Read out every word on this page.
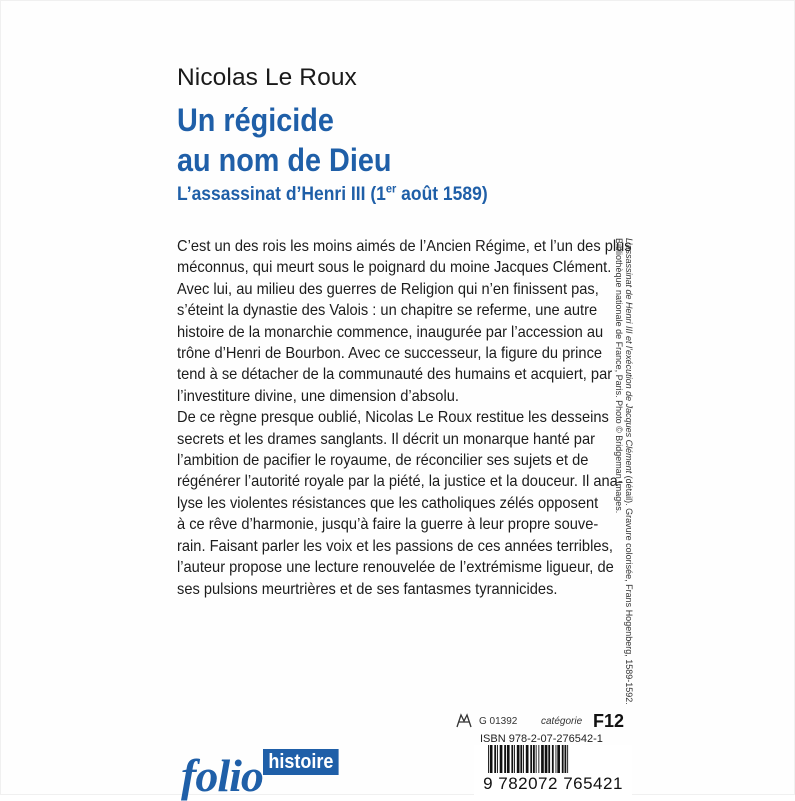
Nicolas Le Roux
Un régicide
au nom de Dieu
L’assassinat d’Henri III (1er août 1589)
C’est un des rois les moins aimés de l’Ancien Régime, et l’un des plus
méconnus, qui meurt sous le poignard du moine Jacques Clément.
Avec lui, au milieu des guerres de Religion qui n’en finissent pas,
s’éteint la dynastie des Valois : un chapitre se referme, une autre
histoire de la monarchie commence, inaugurée par l’accession au
trône d’Henri de Bourbon. Avec ce successeur, la figure du prince
tend à se détacher de la communauté des humains et acquiert, par
l’investiture divine, une dimension d’absolu.
De ce règne presque oublié, Nicolas Le Roux restitue les desseins
secrets et les drames sanglants. Il décrit un monarque hanté par
l’ambition de pacifier le royaume, de réconcilier ses sujets et de
régénérer l’autorité royale par la piété, la justice et la douceur. Il ana-
lyse les violentes résistances que les catholiques zélés opposent
à ce rêve d’harmonie, jusqu’à faire la guerre à leur propre souve-
rain. Faisant parler les voix et les passions de ces années terribles,
l’auteur propose une lecture renouvelée de l’extrémisme ligueur, de
ses pulsions meurtrières et de ses fantasmes tyrannicides.
L’assassinat de Henri III et l’exécution de Jacques Clément (détail). Gravure colorisée, Frans Hogenberg, 1589-1592.
Bibliothèque nationale de France, Paris. Photo © Bridgeman Images.
G 01392 catégorie F12
ISBN 978-2-07-276542-1
folio histoire
9 782072 765421
